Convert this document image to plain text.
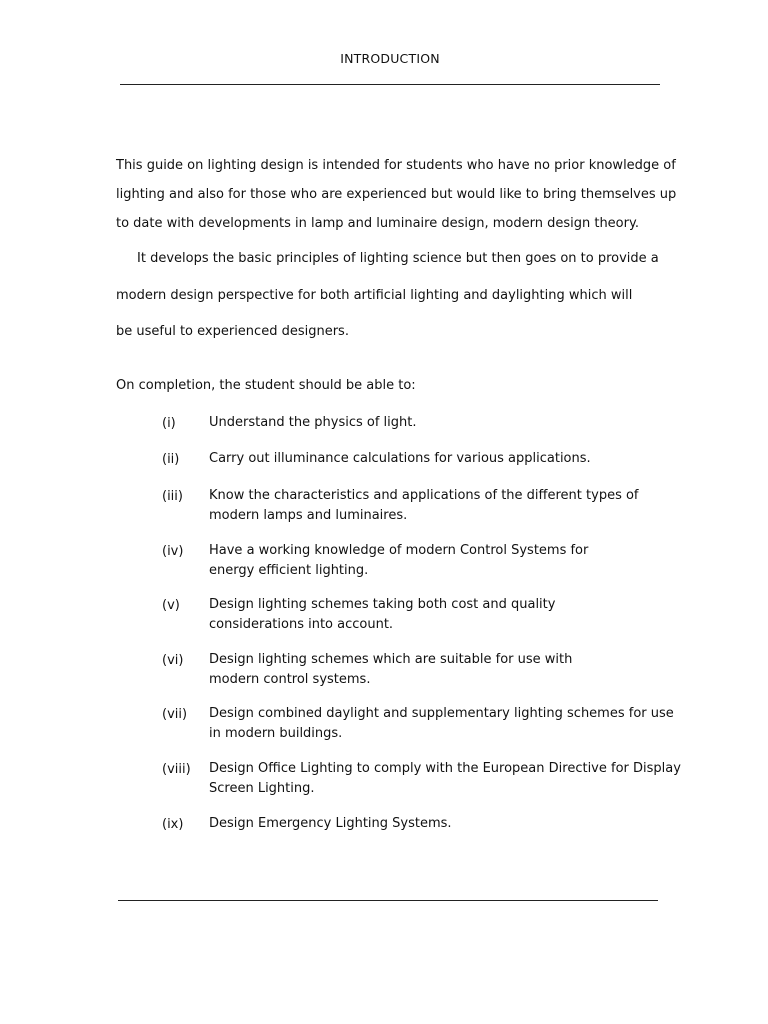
INTRODUCTION
This guide on lighting design is intended for students who have no prior knowledge of
lighting and also for those who are experienced but would like to bring themselves up
to date with developments in lamp and luminaire design, modern design theory.
It develops the basic principles of lighting science but then goes on to provide a
modern design perspective for both artificial lighting and daylighting which will
be useful to experienced designers.
On completion, the student should be able to:
(i)	Understand the physics of light.
(ii) Carry out illuminance calculations for various applications.
(iii) Know the characteristics and applications of the different types of
modern lamps and luminaires.
(iv) Have a working knowledge of modern Control Systems for
energy efficient lighting.
(v) Design lighting schemes taking both cost and quality
considerations into account.
(vi) Design lighting schemes which are suitable for use with
modern control systems.
(vii) Design combined daylight and supplementary lighting schemes for use
in modern buildings.
(viii) Design Office Lighting to comply with the European Directive for Display
Screen Lighting.
(ix) Design Emergency Lighting Systems.
